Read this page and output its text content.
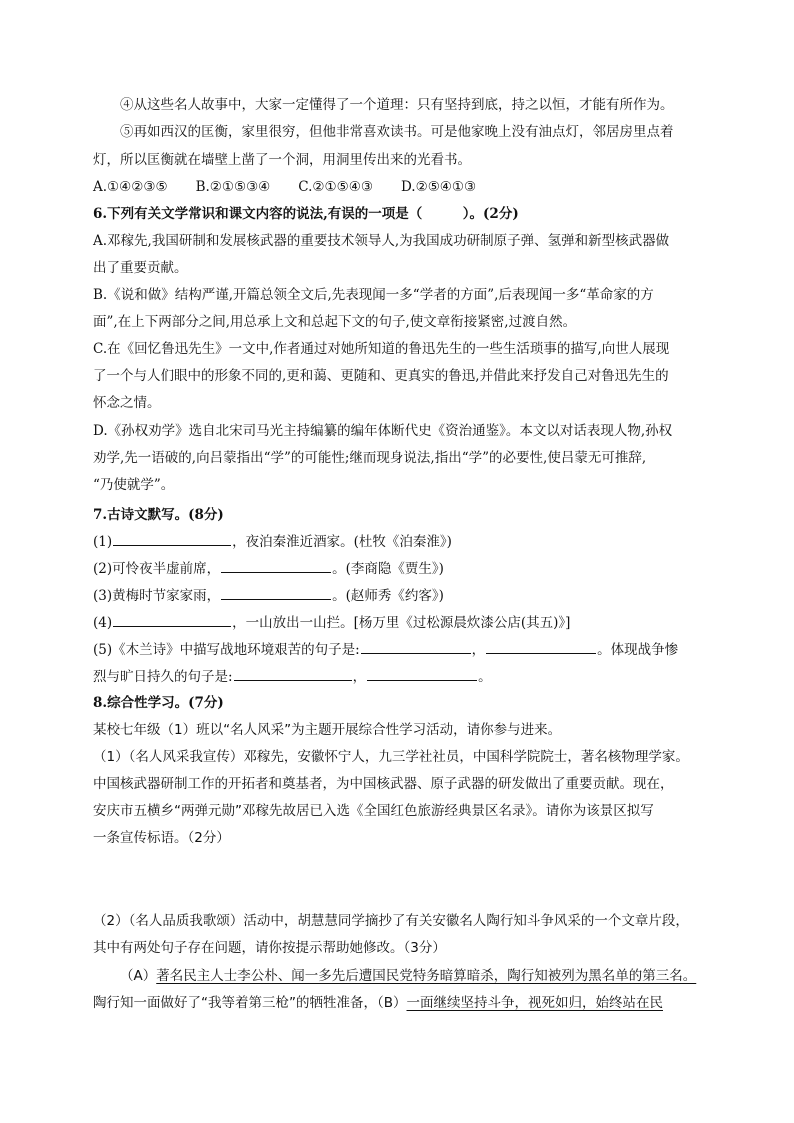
④从这些名人故事中，大家一定懂得了一个道理：只有坚持到底，持之以恒，才能有所作为。
⑤再如西汉的匡衡，家里很穷，但他非常喜欢读书。可是他家晚上没有油点灯，邻居房里点着
灯，所以匡衡就在墙壁上凿了一个洞，用洞里传出来的光看书。
A.①④②③⑤ B.②①⑤③④ C.②①⑤④③ D.②⑤④①③
6.下列有关文学常识和课文内容的说法,有误的一项是（　　　）。(2分)
A.邓稼先,我国研制和发展核武器的重要技术领导人,为我国成功研制原子弹、氢弹和新型核武器做
出了重要贡献。
B.《说和做》结构严谨,开篇总领全文后,先表现闻一多“学者的方面”,后表现闻一多“革命家的方
面”,在上下两部分之间,用总承上文和总起下文的句子,使文章衔接紧密,过渡自然。
C.在《回忆鲁迅先生》一文中,作者通过对她所知道的鲁迅先生的一些生活琐事的描写,向世人展现
了一个与人们眼中的形象不同的,更和蔼、更随和、更真实的鲁迅,并借此来抒发自己对鲁迅先生的
怀念之情。
D.《孙权劝学》选自北宋司马光主持编纂的编年体断代史《资治通鉴》。本文以对话表现人物,孙权
劝学,先一语破的,向吕蒙指出“学”的可能性;继而现身说法,指出“学”的必要性,使吕蒙无可推辞,
“乃使就学”。
7.古诗文默写。(8分)
(1)	，夜泊秦淮近酒家。(杜牧《泊秦淮》)
(2)可怜夜半虚前席，	。(李商隐《贾生》)
(3)黄梅时节家家雨，	。(赵师秀《约客》)
(4)	，一山放出一山拦。[杨万里《过松源晨炊漆公店(其五)》]
(5)《木兰诗》中描写战地环境艰苦的句子是:	，	。体现战争惨
烈与旷日持久的句子是:	，	。
8.综合性学习。(7分)
某校七年级（1）班以“名人风采”为主题开展综合性学习活动，请你参与进来。
（1）（名人风采我宣传）邓稼先，安徽怀宁人，九三学社社员，中国科学院院士，著名核物理学家。
中国核武器研制工作的开拓者和奠基者，为中国核武器、原子武器的研发做出了重要贡献。现在，
安庆市五横乡“两弹元勋”邓稼先故居已入选《全国红色旅游经典景区名录》。请你为该景区拟写
一条宣传标语。（2分）
（2）（名人品质我歌颂）活动中，胡慧慧同学摘抄了有关安徽名人陶行知斗争风采的一个文章片段，
其中有两处句子存在问题，请你按提示帮助她修改。（3分）
（A）著名民主人士李公朴、闻一多先后遭国民党特务暗算暗杀，陶行知被列为黑名单的第三名。
陶行知一面做好了“我等着第三枪”的牺牲准备，（B）一面继续坚持斗争，视死如归，始终站在民
